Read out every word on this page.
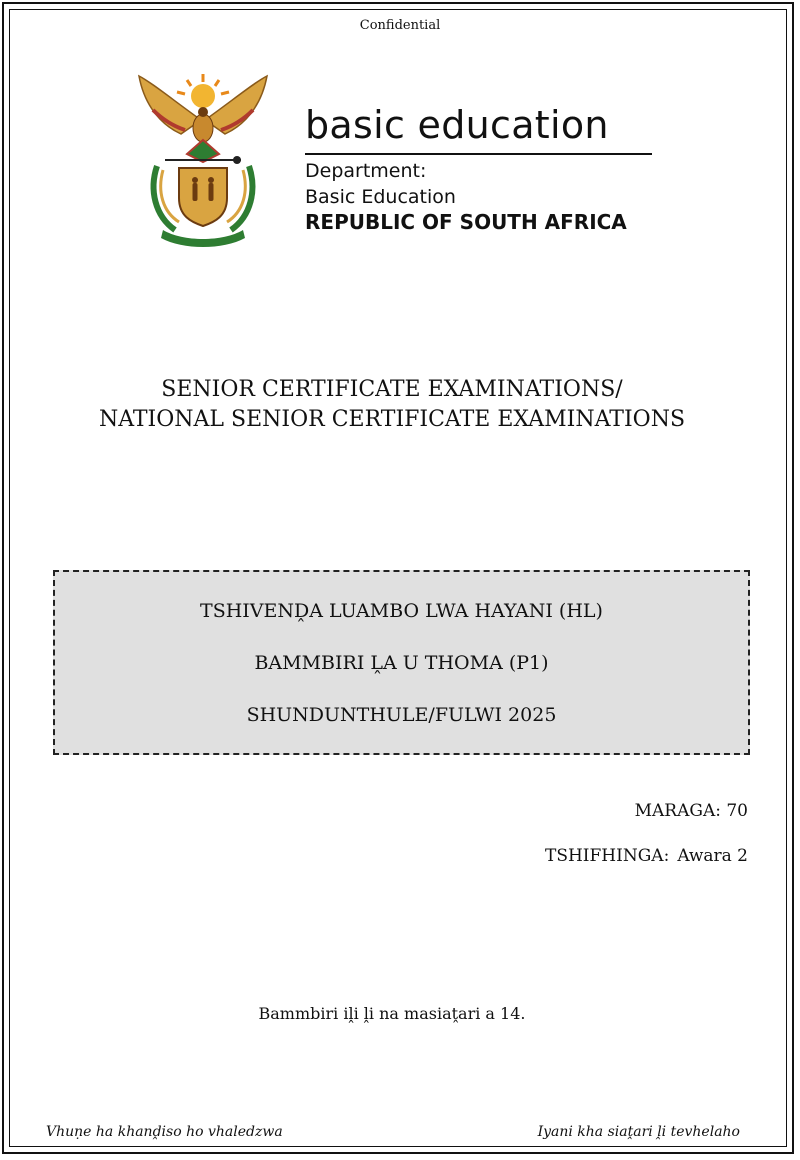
Confidential
basic education
Department:
Basic Education
REPUBLIC OF SOUTH AFRICA
SENIOR CERTIFICATE EXAMINATIONS/
NATIONAL SENIOR CERTIFICATE EXAMINATIONS
TSHIVENḒA LUAMBO LWA HAYANI (HL)
BAMMBIRI ḼA U THOMA (P1)
SHUNDUNTHULE/FULWI 2025
MARAGA: 70
TSHIFHINGA: Awara 2
Bammbiri iḽi ḽi na masiaṱari a 14.
Vhuṇe ha khanḓiso ho vhaledzwa	Iyani kha siaṱari ḽi tevhelaho
